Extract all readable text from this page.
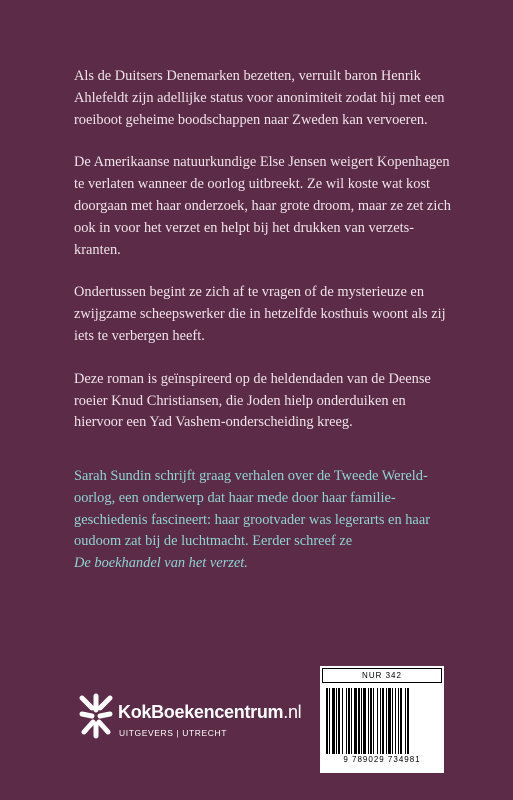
Als de Duitsers Denemarken bezetten, verruilt baron Henrik Ahlefeldt zijn adellijke status voor anonimiteit zodat hij met een roeiboot geheime boodschappen naar Zweden kan vervoeren.

De Amerikaanse natuurkundige Else Jensen weigert Kopenhagen te verlaten wanneer de oorlog uitbreekt. Ze wil koste wat kost doorgaan met haar onderzoek, haar grote droom, maar ze zet zich ook in voor het verzet en helpt bij het drukken van verzetskranten.

Ondertussen begint ze zich af te vragen of de mysterieuze en zwijgzame scheepswerker die in hetzelfde kosthuis woont als zij iets te verbergen heeft.

Deze roman is geïnspireerd op de heldendaden van de Deense roeier Knud Christiansen, die Joden hielp onderduiken en hiervoor een Yad Vashem-onderscheiding kreeg.

Sarah Sundin schrijft graag verhalen over de Tweede Wereldoorlog, een onderwerp dat haar mede door haar familiegeschiedenis fascineert: haar grootvader was legerarts en haar oudoom zat bij de luchtmacht. Eerder schreef ze
De boekhandel van het verzet.

NUR 342
9 789029 734981
KokBoekencentrum.nl
UITGEVERS | UTRECHT
